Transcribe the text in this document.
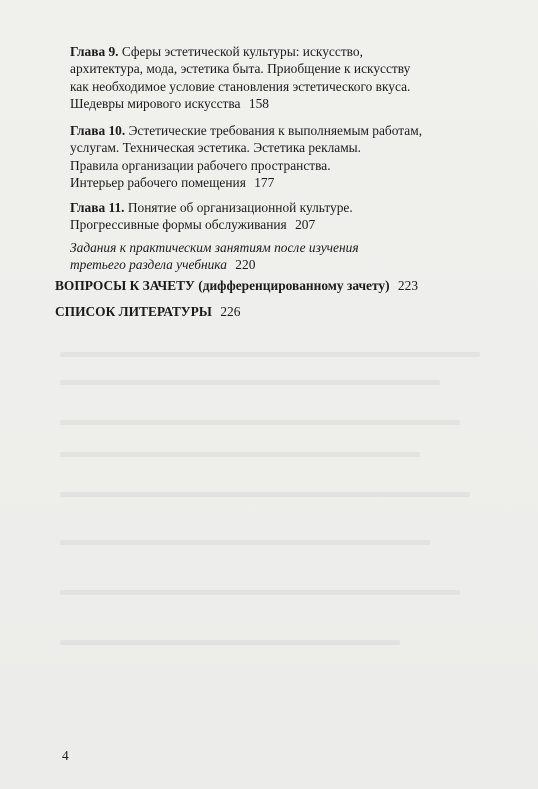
Глава 9. Сферы эстетической культуры: искусство,
архитектура, мода, эстетика быта. Приобщение к искусству
как необходимое условие становления эстетического вкуса.
Шедевры мирового искусства 158
Глава 10. Эстетические требования к выполняемым работам,
услугам. Техническая эстетика. Эстетика рекламы.
Правила организации рабочего пространства.
Интерьер рабочего помещения 177
Глава 11. Понятие об организационной культуре.
Прогрессивные формы обслуживания 207
Задания к практическим занятиям после изучения
третьего раздела учебника 220
ВОПРОСЫ К ЗАЧЕТУ (дифференцированному зачету) 223
СПИСОК ЛИТЕРАТУРЫ 226
4
